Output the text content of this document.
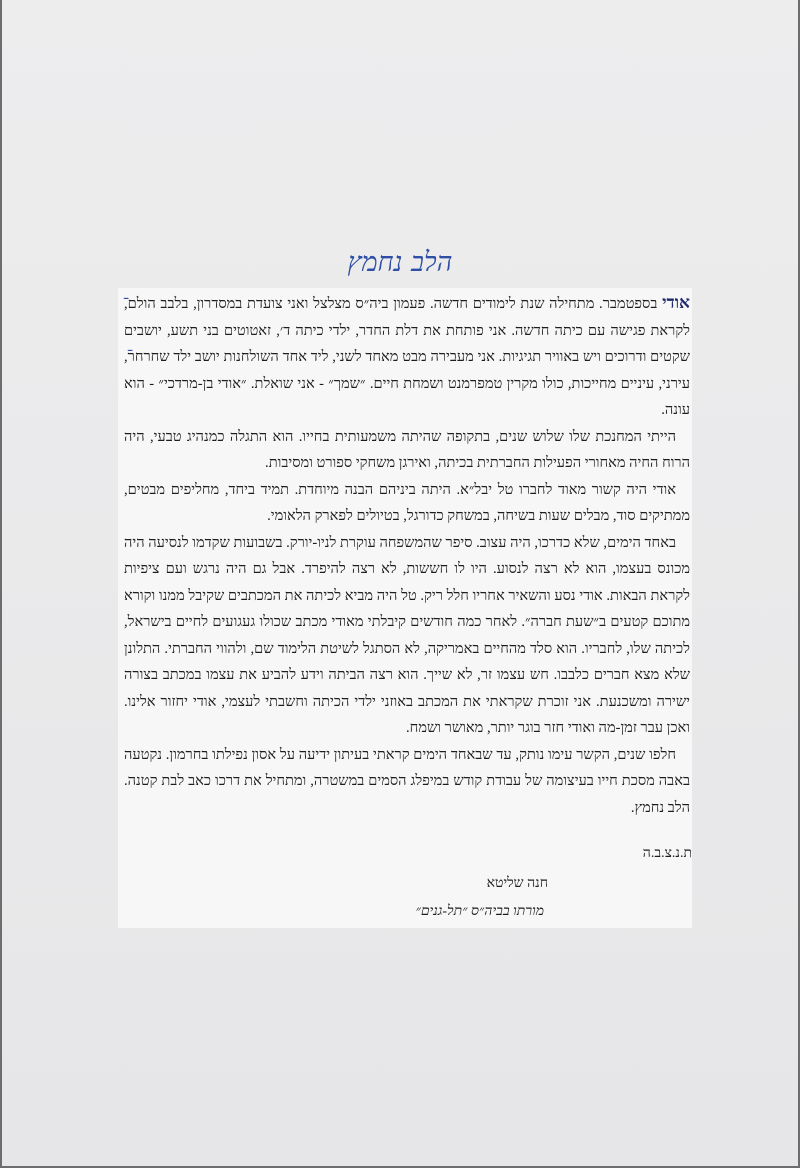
הלב נחמץ

אודי בספטמבר. מתחילה שנת לימודים חדשה. פעמון ביה״ס מצלצל ואני צועדת במסדרון, בלבב הולם, לקראת פגישה עם כיתה חדשה. אני פותחת את דלת החדר, ילדי כיתה ד׳, זאטוטים בני תשע, יושבים שקטים ודרוכים ויש באוויר תגיגיות. אני מעבירה מבט מאחד לשני, ליד אחד השולחנות יושב ילד שחרחר, עירני, עיניים מחייכות, כולו מקרין טמפרמנט ושמחת חיים. ״שמך״ - אני שואלת. ״אודי בן-מרדכי״ - הוא עונה.

הייתי המחנכת שלו שלוש שנים, בתקופה שהיתה משמעותית בחייו. הוא התגלה כמנהיג טבעי, היה הרוח החיה מאחורי הפעילות החברתית בכיתה, ואירגן משחקי ספורט ומסיבות.

אודי היה קשור מאוד לחברו טל יבל״א. היתה ביניהם הבנה מיוחדת. תמיד ביחד, מחליפים מבטים, ממתיקים סוד, מבלים שעות בשיחה, במשחק כדורגל, בטיולים לפארק הלאומי.

באחד הימים, שלא כדרכו, היה עצוב. סיפר שהמשפחה עוקרת לניו-יורק. בשבועות שקדמו לנסיעה היה מכונס בעצמו, הוא לא רצה לנסוע. היו לו חששות, לא רצה להיפרד. אבל גם היה נרגש ועם ציפיות לקראת הבאות. אודי נסע והשאיר אחריו חלל ריק. טל היה מביא לכיתה את המכתבים שקיבל ממנו וקורא מתוכם קטעים ב״שעת חברה״. לאחר כמה חודשים קיבלתי מאודי מכתב שכולו געגועים לחיים בישראל, לכיתה שלו, לחבריו. הוא סלד מהחיים באמריקה, לא הסתגל לשיטת הלימוד שם, ולהווי החברתי. התלונן שלא מצא חברים כלבבו. חש עצמו זר, לא שייך. הוא רצה הביתה וידע להביע את עצמו במכתב בצורה ישירה ומשכנעת. אני זוכרת שקראתי את המכתב באוזני ילדי הכיתה וחשבתי לעצמי, אודי יחזור אלינו. ואכן עבר זמן-מה ואודי חזר בוגר יותר, מאושר ושמח.

חלפו שנים, הקשר עימו נותק, עד שבאחד הימים קראתי בעיתון ידיעה על אסון נפילתו בחרמון. נקטעה באבה מסכת חייו בעיצומה של עבודת קודש במיפלג הסמים במשטרה, ומתחיל את דרכו כאב לבת קטנה. הלב נחמץ.

ת.נ.צ.ב.ה
חנה שליטא
מורתו בביה״ס ״תל-גנים״
